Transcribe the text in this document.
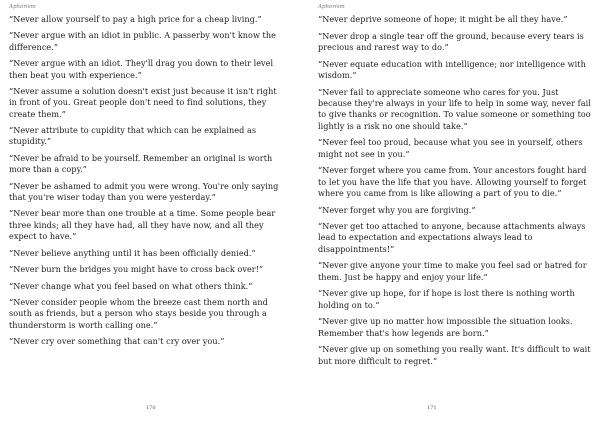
Aphorism
“Never allow yourself to pay a high price for a cheap living.”
“Never argue with an idiot in public. A passerby won't know the difference.”
“Never argue with an idiot. They'll drag you down to their level then beat you with experience.”
“Never assume a solution doesn't exist just because it isn't right in front of you. Great people don't need to find solutions, they create them.”
“Never attribute to cupidity that which can be explained as stupidity.”
“Never be afraid to be yourself. Remember an original is worth more than a copy.”
“Never be ashamed to admit you were wrong. You're only saying that you're wiser today than you were yesterday.”
“Never bear more than one trouble at a time. Some people bear three kinds; all they have had, all they have now, and all they expect to have.”
“Never believe anything until it has been officially denied.”
“Never burn the bridges you might have to cross back over!”
“Never change what you feel based on what others think.”
“Never consider people whom the breeze cast them north and south as friends, but a person who stays beside you through a thunderstorm is worth calling one.”
“Never cry over something that can't cry over you.”
170
Aphorism
“Never deprive someone of hope; it might be all they have.”
“Never drop a single tear off the ground, because every tears is precious and rarest way to do.”
“Never equate education with intelligence; nor intelligence with wisdom.”
“Never fail to appreciate someone who cares for you. Just because they're always in your life to help in some way, never fail to give thanks or recognition. To value someone or something too lightly is a risk no one should take.”
“Never feel too proud, because what you see in yourself, others might not see in you.”
“Never forget where you came from. Your ancestors fought hard to let you have the life that you have. Allowing yourself to forget where you came from is like allowing a part of you to die.”
“Never forget why you are forgiving.”
“Never get too attached to anyone, because attachments always lead to expectation and expectations always lead to disappointments!”
“Never give anyone your time to make you feel sad or hatred for them. Just be happy and enjoy your life.”
“Never give up hope, for if hope is lost there is nothing worth holding on to.”
“Never give up no matter how impossible the situation looks. Remember that's how legends are born.”
“Never give up on something you really want. It's difficult to wait but more difficult to regret.”
171
